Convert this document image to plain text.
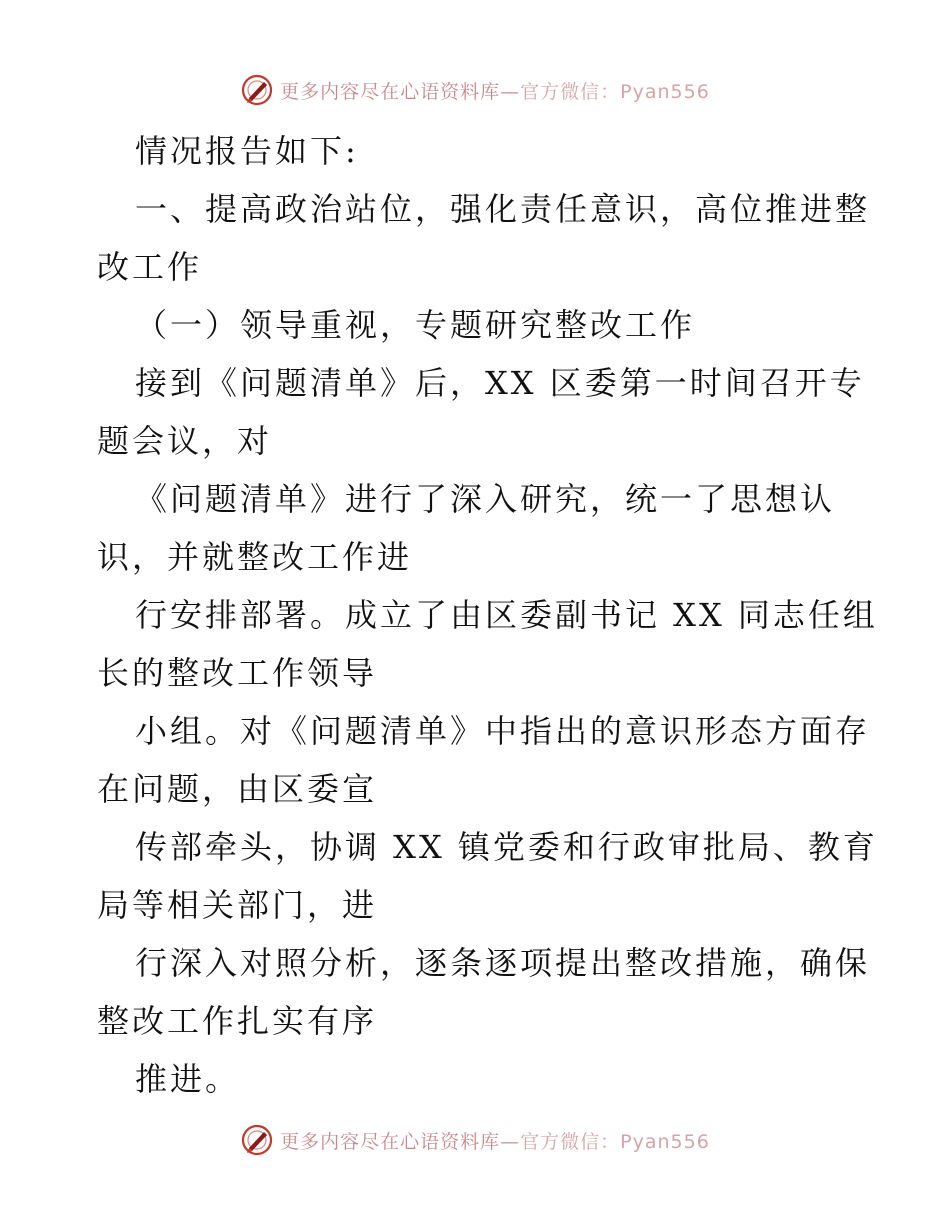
更多内容尽在心语资料库—官方微信：Pyan556
情况报告如下:
一、提高政治站位，强化责任意识，高位推进整
改工作
（一）领导重视，专题研究整改工作
接到《问题清单》后，XX 区委第一时间召开专
题会议，对
《问题清单》进行了深入研究，统一了思想认
识，并就整改工作进
行安排部署。成立了由区委副书记 XX 同志任组
长的整改工作领导
小组。对《问题清单》中指出的意识形态方面存
在问题，由区委宣
传部牵头，协调 XX 镇党委和行政审批局、教育
局等相关部门，进
行深入对照分析，逐条逐项提出整改措施，确保
整改工作扎实有序
推进。
更多内容尽在心语资料库—官方微信：Pyan556
